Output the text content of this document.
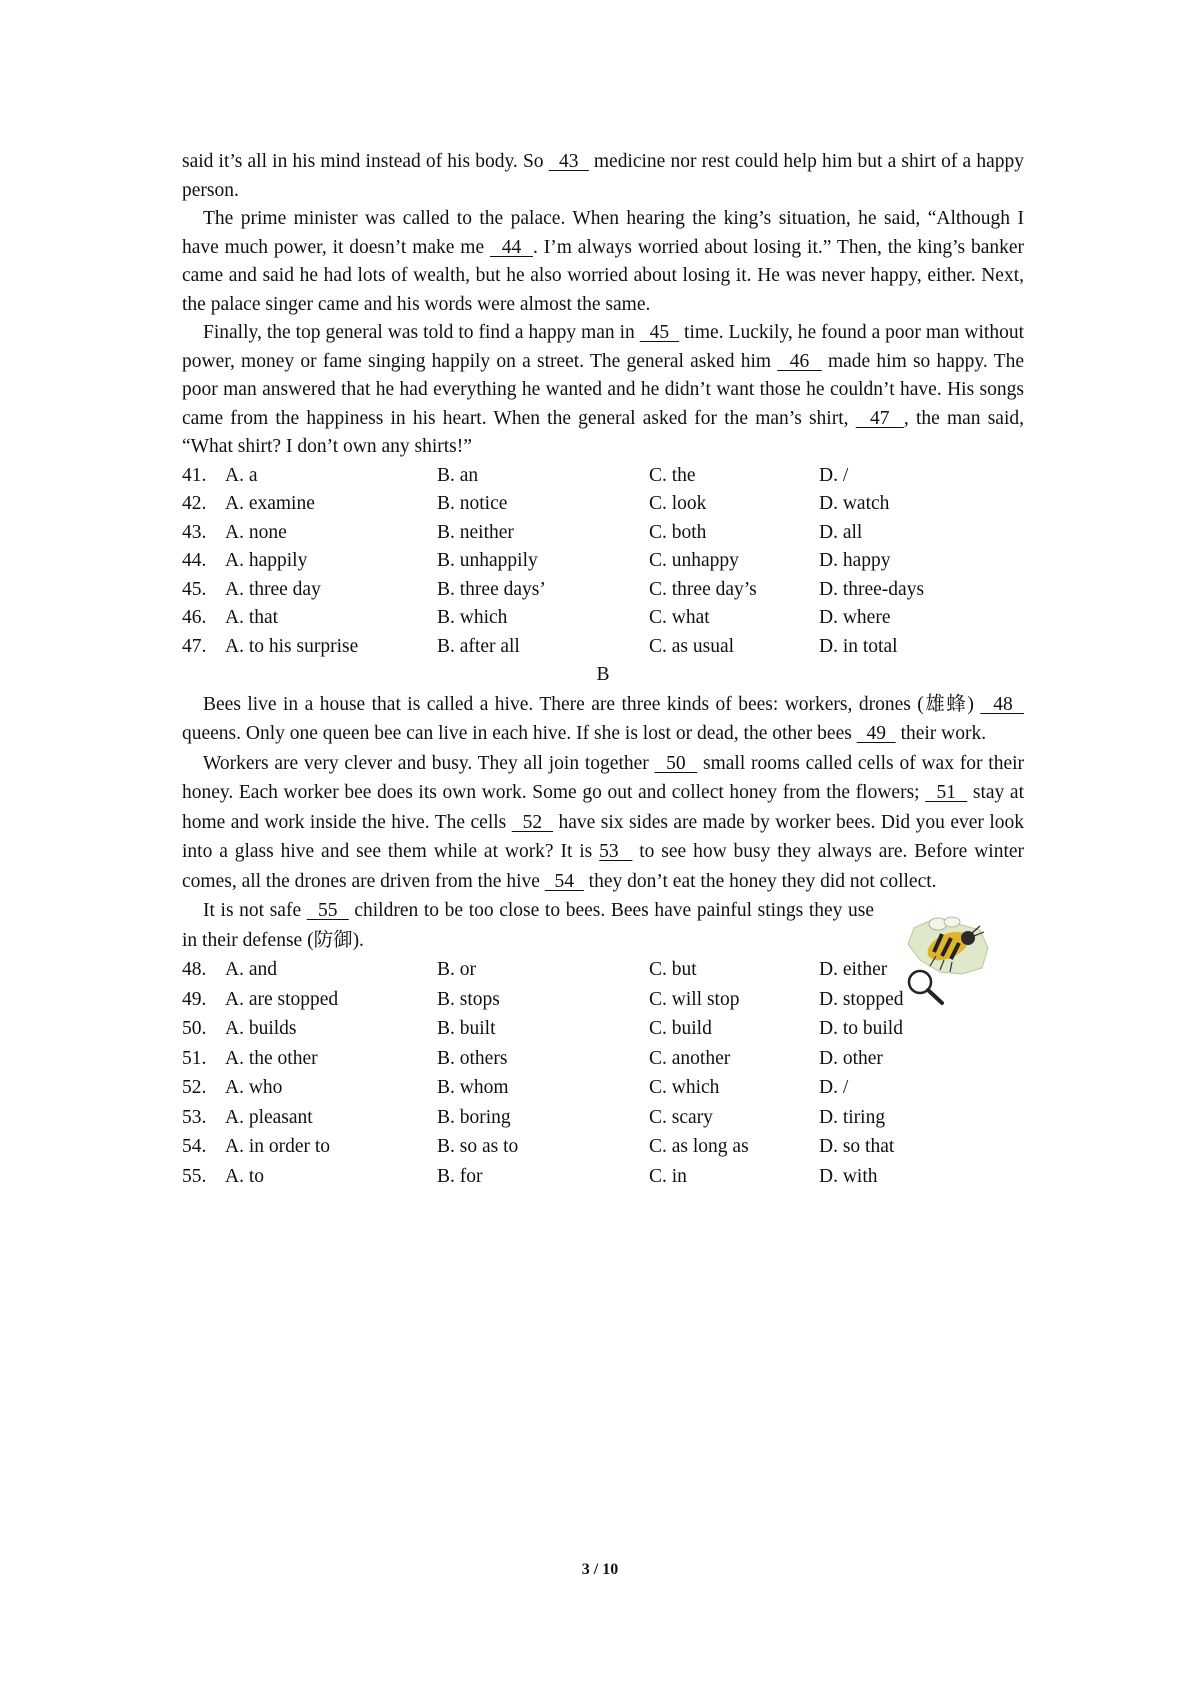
said it’s all in his mind instead of his body. So   43   medicine nor rest could help him but a shirt of a happy person.

The prime minister was called to the palace. When hearing the king’s situation, he said, “Although I have much power, it doesn’t make me   44  . I’m always worried about losing it.” Then, the king’s banker came and said he had lots of wealth, but he also worried about losing it. He was never happy, either. Next, the palace singer came and his words were almost the same.

Finally, the top general was told to find a happy man in   45   time. Luckily, he found a poor man without power, money or fame singing happily on a street. The general asked him   46   made him so happy. The poor man answered that he had everything he wanted and he didn’t want those he couldn’t have. His songs came from the happiness in his heart. When the general asked for the man’s shirt,   47  , the man said, “What shirt? I don’t own any shirts!”

41.	A. a	B. an	C. the	D. /
42.	A. examine	B. notice	C. look	D. watch
43.	A. none	B. neither	C. both	D. all
44.	A. happily	B. unhappily	C. unhappy	D. happy
45.	A. three day	B. three days’	C. three day’s	D. three-days
46.	A. that	B. which	C. what	D. where
47.	A. to his surprise	B. after all	C. as usual	D. in total

B

Bees live in a house that is called a hive. There are three kinds of bees: workers, drones (雄蜂)   48   queens. Only one queen bee can live in each hive. If she is lost or dead, the other bees   49   their work.

Workers are very clever and busy. They all join together   50   small rooms called cells of wax for their honey. Each worker bee does its own work. Some go out and collect honey from the flowers;   51   stay at home and work inside the hive. The cells   52   have six sides are made by worker bees. Did you ever look into a glass hive and see them while at work? It is 53   to see how busy they always are. Before winter comes, all the drones are driven from the hive   54   they don’t eat the honey they did not collect.

It is not safe   55   children to be too close to bees. Bees have painful stings they use in their defense (防御).

48.	A. and	B. or	C. but	D. either
49.	A. are stopped	B. stops	C. will stop	D. stopped
50.	A. builds	B. built	C. build	D. to build
51.	A. the other	B. others	C. another	D. other
52.	A. who	B. whom	C. which	D. /
53.	A. pleasant	B. boring	C. scary	D. tiring
54.	A. in order to	B. so as to	C. as long as	D. so that
55.	A. to	B. for	C. in	D. with
3 / 10
